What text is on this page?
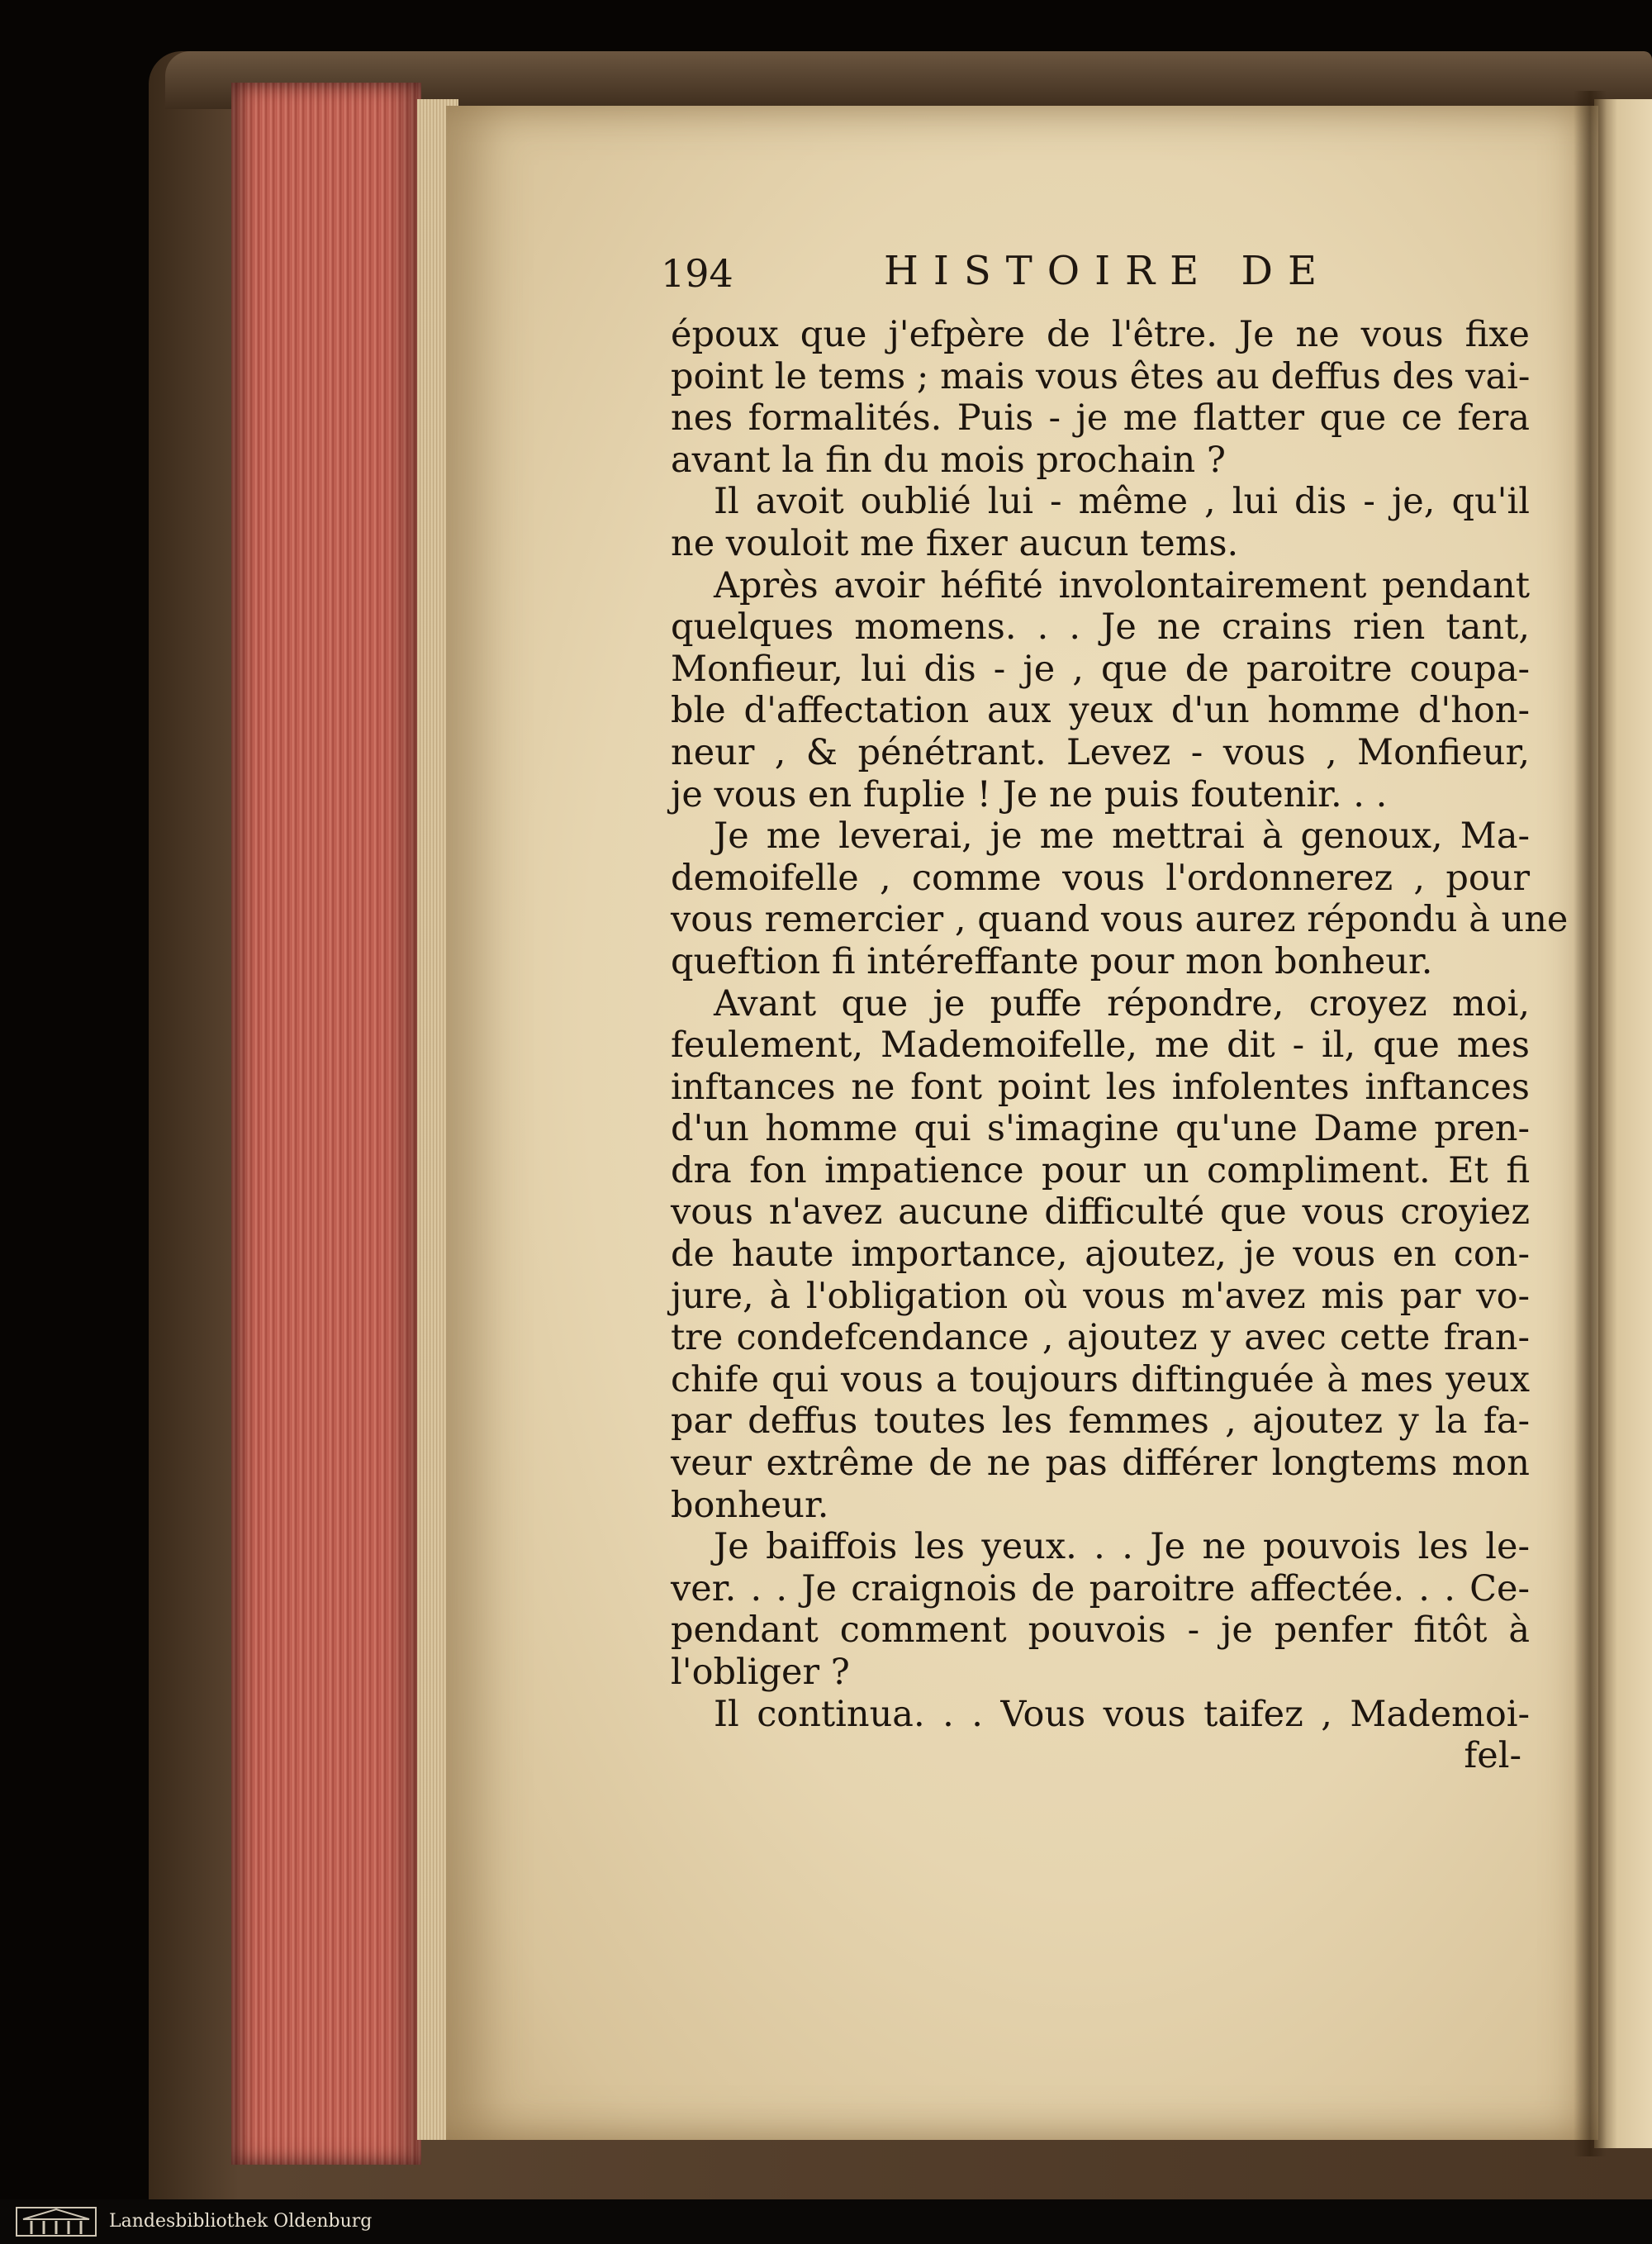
194	HISTOIRE DE
époux que j'efpère de l'être. Je ne vous fixe
point le tems ; mais vous êtes au deffus des vai-
nes formalités. Puis - je me flatter que ce fera
avant la fin du mois prochain ?
Il avoit oublié lui - même , lui dis - je, qu'il
ne vouloit me fixer aucun tems.
Après avoir héfité involontairement pendant
quelques momens. . . Je ne crains rien tant,
Monfieur, lui dis - je , que de paroitre coupa-
ble d'affectation aux yeux d'un homme d'hon-
neur , & pénétrant. Levez - vous , Monfieur,
je vous en fuplie ! Je ne puis foutenir. . .
Je me leverai, je me mettrai à genoux, Ma-
demoifelle , comme vous l'ordonnerez , pour
vous remercier , quand vous aurez répondu à une
queftion fi intéreffante pour mon bonheur.
Avant que je puffe répondre, croyez moi,
feulement, Mademoifelle, me dit - il, que mes
inftances ne font point les infolentes inftances
d'un homme qui s'imagine qu'une Dame pren-
dra fon impatience pour un compliment. Et fi
vous n'avez aucune difficulté que vous croyiez
de haute importance, ajoutez, je vous en con-
jure, à l'obligation où vous m'avez mis par vo-
tre condefcendance , ajoutez y avec cette fran-
chife qui vous a toujours diftinguée à mes yeux
par deffus toutes les femmes , ajoutez y la fa-
veur extrême de ne pas différer longtems mon
bonheur.
Je baiffois les yeux. . . Je ne pouvois les le-
ver. . . Je craignois de paroitre affectée. . . Ce-
pendant comment pouvois - je penfer fitôt à
l'obliger ?
Il continua. . . Vous vous taifez , Mademoi-
fel-
Landesbibliothek Oldenburg
